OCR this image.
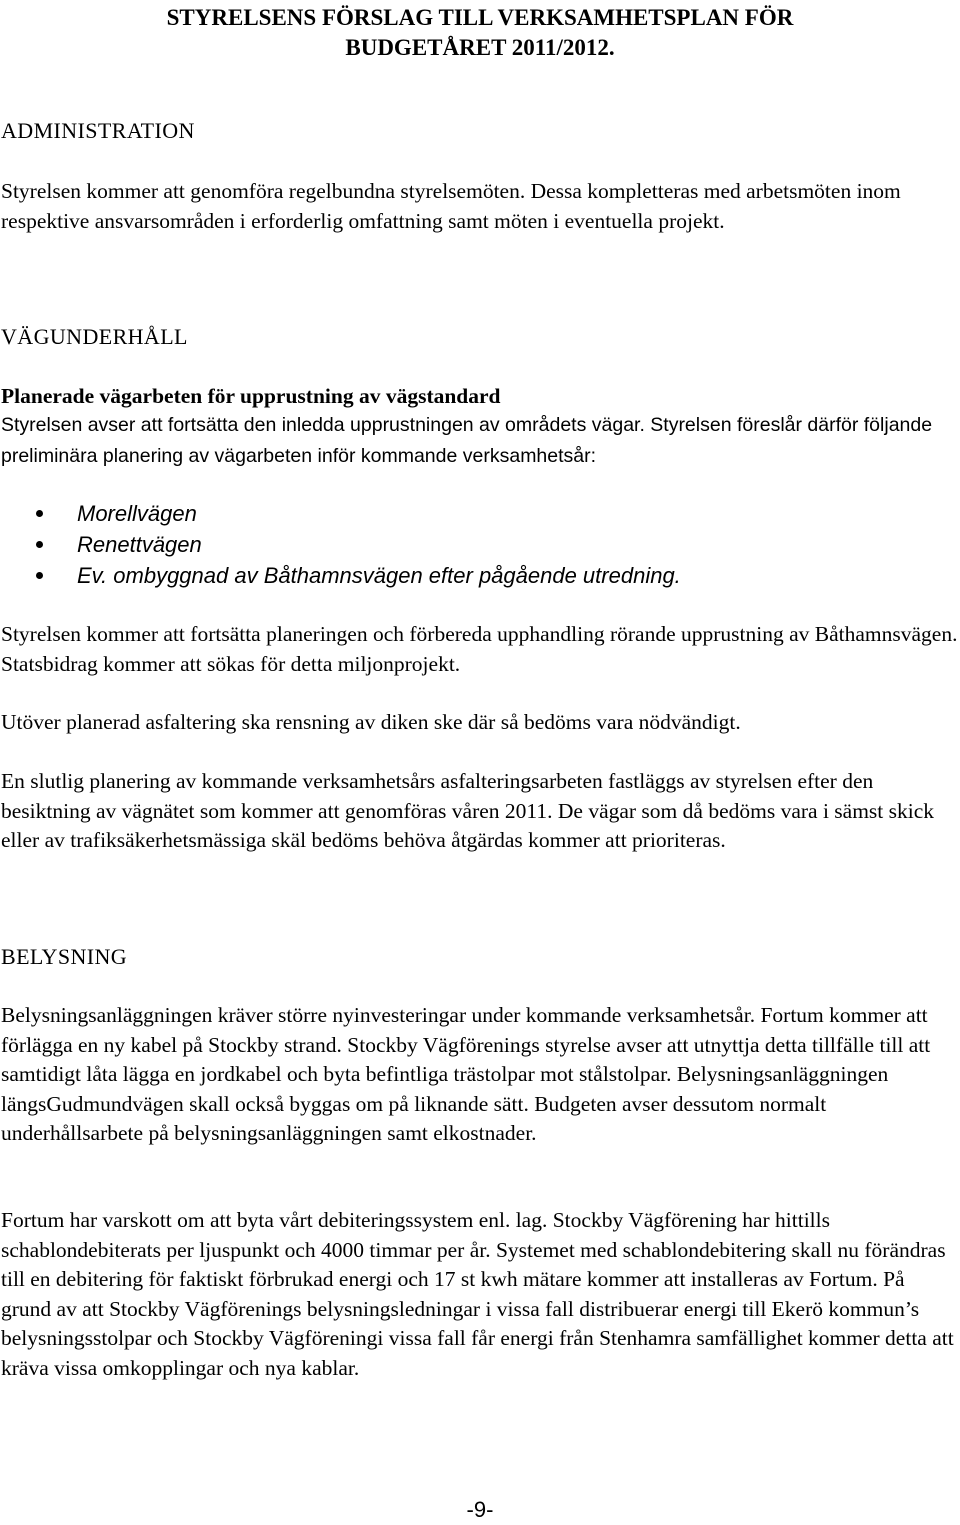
STYRELSENS FÖRSLAG TILL VERKSAMHETSPLAN FÖR
BUDGETÅRET 2011/2012.
ADMINISTRATION

Styrelsen kommer att genomföra regelbundna styrelsemöten. Dessa kompletteras med arbetsmöten inom respektive ansvarsområden i erforderlig omfattning samt möten i eventuella projekt.

VÄGUNDERHÅLL
Planerade vägarbeten för upprustning av vägstandard

Styrelsen avser att fortsätta den inledda upprustningen av områdets vägar. Styrelsen föreslår därför följande preliminära planering av vägarbeten inför kommande verksamhetsår:

Morellvägen
Renettvägen
Ev. ombyggnad av Båthamnsvägen efter pågående utredning.

Styrelsen kommer att fortsätta planeringen och förbereda upphandling rörande upprustning av Båthamnsvägen. Statsbidrag kommer att sökas för detta miljonprojekt.

Utöver planerad asfaltering ska rensning av diken ske där så bedöms vara nödvändigt.

En slutlig planering av kommande verksamhetsårs asfalteringsarbeten fastläggs av styrelsen efter den besiktning av vägnätet som kommer att genomföras våren 2011. De vägar som då bedöms vara i sämst skick eller av trafiksäkerhetsmässiga skäl bedöms behöva åtgärdas kommer att prioriteras.

BELYSNING

Belysningsanläggningen kräver större nyinvesteringar under kommande verksamhetsår. Fortum kommer att förlägga en ny kabel på Stockby strand. Stockby Vägförenings styrelse avser att utnyttja detta tillfälle till att samtidigt låta lägga en jordkabel och byta befintliga trästolpar mot stålstolpar. Belysningsanläggningen längsGudmundvägen skall också byggas om på liknande sätt. Budgeten avser dessutom normalt underhållsarbete på belysningsanläggningen samt elkostnader.

Fortum har varskott om att byta vårt debiteringssystem enl. lag. Stockby Vägförening har hittills schablondebiterats per ljuspunkt och 4000 timmar per år. Systemet med schablondebitering skall nu förändras till en debitering för faktiskt förbrukad energi och 17 st kwh mätare kommer att installeras av Fortum. På grund av att Stockby Vägförenings belysningsledningar i vissa fall distribuerar energi till Ekerö kommun’s belysningsstolpar och Stockby Vägföreningi vissa fall får energi från Stenhamra samfällighet kommer detta att kräva vissa omkopplingar och nya kablar.

-9-
